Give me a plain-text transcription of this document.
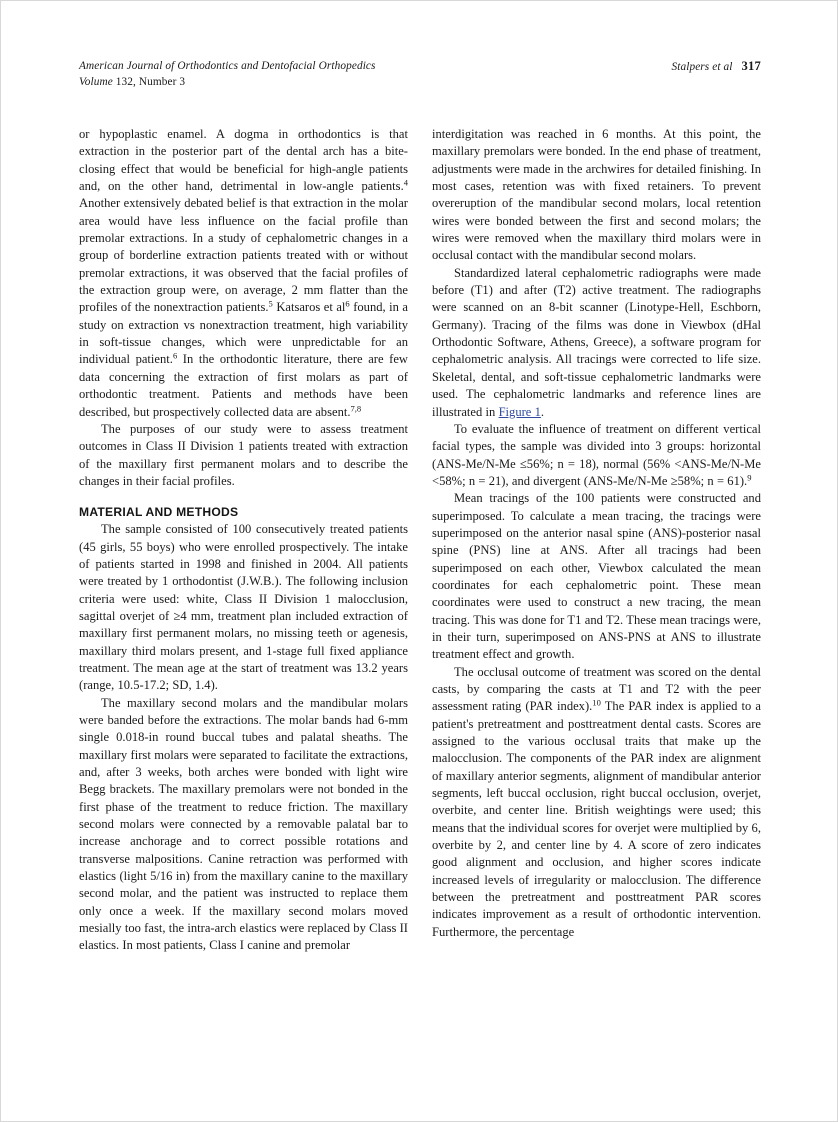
American Journal of Orthodontics and Dentofacial Orthopedics
Volume 132, Number 3
Stalpers et al 317

or hypoplastic enamel. A dogma in orthodontics is that extraction in the posterior part of the dental arch has a bite-closing effect that would be beneficial for high-angle patients and, on the other hand, detrimental in low-angle patients.$^4$ Another extensively debated belief is that extraction in the molar area would have less influence on the facial profile than premolar extractions. In a study of cephalometric changes in a group of borderline extraction patients treated with or without premolar extractions, it was observed that the facial profiles of the extraction group were, on average, 2 mm flatter than the profiles of the nonextraction patients.$^5$ Katsaros et $al^6$ found, in a study on extraction vs nonextraction treatment, high variability in soft-tissue changes, which were unpredictable for an individual patient.$^6$ In the orthodontic literature, there are few data concerning the extraction of first molars as part of orthodontic treatment. Patients and methods have been described, but prospectively collected data are absent.$^{7,8}$

The purposes of our study were to assess treatment outcomes in Class II Division 1 patients treated with extraction of the maxillary first permanent molars and to describe the changes in their facial profiles.

MATERIAL AND METHODS

The sample consisted of 100 consecutively treated patients (45 girls, 55 boys) who were enrolled prospectively. The intake of patients started in 1998 and finished in 2004. All patients were treated by 1 orthodontist (J.W.B.). The following inclusion criteria were used: white, Class II Division 1 malocclusion, sagittal overjet of ≥4 mm, treatment plan included extraction of maxillary first permanent molars, no missing teeth or agenesis, maxillary third molars present, and 1-stage full fixed appliance treatment. The mean age at the start of treatment was 13.2 years (range, 10.5-17.2; SD, 1.4).

The maxillary second molars and the mandibular molars were banded before the extractions. The molar bands had 6-mm single 0.018-in round buccal tubes and palatal sheaths. The maxillary first molars were separated to facilitate the extractions, and, after 3 weeks, both arches were bonded with light wire Begg brackets. The maxillary premolars were not bonded in the first phase of the treatment to reduce friction. The maxillary second molars were connected by a removable palatal bar to increase anchorage and to correct possible rotations and transverse malpositions. Canine retraction was performed with elastics (light 5/16 in) from the maxillary canine to the maxillary second molar, and the patient was instructed to replace them only once a week. If the maxillary second molars moved mesially too fast, the intra-arch elastics were replaced by Class II elastics. In most patients, Class I canine and premolar

interdigitation was reached in 6 months. At this point, the maxillary premolars were bonded. In the end phase of treatment, adjustments were made in the archwires for detailed finishing. In most cases, retention was with fixed retainers. To prevent overeruption of the mandibular second molars, local retention wires were bonded between the first and second molars; the wires were removed when the maxillary third molars were in occlusal contact with the mandibular second molars.

Standardized lateral cephalometric radiographs were made before (T1) and after (T2) active treatment. The radiographs were scanned on an 8-bit scanner (Linotype-Hell, Eschborn, Germany). Tracing of the films was done in Viewbox (dHal Orthodontic Software, Athens, Greece), a software program for cephalometric analysis. All tracings were corrected to life size. Skeletal, dental, and soft-tissue cephalometric landmarks were used. The cephalometric landmarks and reference lines are illustrated in Figure 1.

To evaluate the influence of treatment on different vertical facial types, the sample was divided into 3 groups: horizontal (ANS-Me/N-Me ≤56%; n = 18), normal (56% <ANS-Me/N-Me <58%; n = 21), and divergent (ANS-Me/N-Me ≥58%; n = 61).$^9$

Mean tracings of the 100 patients were constructed and superimposed. To calculate a mean tracing, the tracings were superimposed on the anterior nasal spine (ANS)-posterior nasal spine (PNS) line at ANS. After all tracings had been superimposed on each other, Viewbox calculated the mean coordinates for each cephalometric point. These mean coordinates were used to construct a new tracing, the mean tracing. This was done for T1 and T2. These mean tracings were, in their turn, superimposed on ANS-PNS at ANS to illustrate treatment effect and growth.

The occlusal outcome of treatment was scored on the dental casts, by comparing the casts at T1 and T2 with the peer assessment rating (PAR index).$^{10}$ The PAR index is applied to a patient's pretreatment and posttreatment dental casts. Scores are assigned to the various occlusal traits that make up the malocclusion. The components of the PAR index are alignment of maxillary anterior segments, alignment of mandibular anterior segments, left buccal occlusion, right buccal occlusion, overjet, overbite, and center line. British weightings were used; this means that the individual scores for overjet were multiplied by 6, overbite by 2, and center line by 4. A score of zero indicates good alignment and occlusion, and higher scores indicate increased levels of irregularity or malocclusion. The difference between the pretreatment and posttreatment PAR scores indicates improvement as a result of orthodontic intervention. Furthermore, the percentage
